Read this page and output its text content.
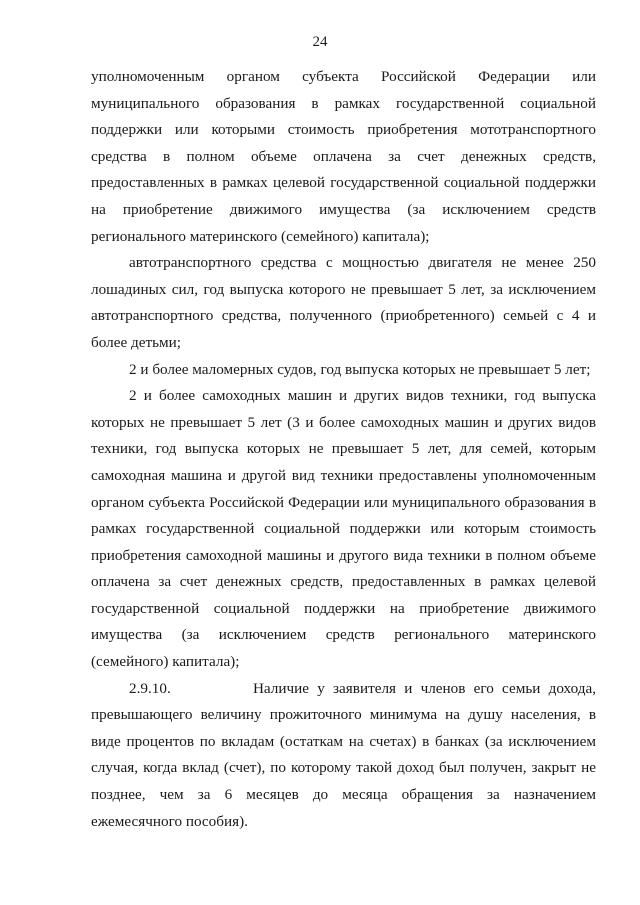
24

уполномоченным органом субъекта Российской Федерации или муниципального образования в рамках государственной социальной поддержки или которыми стоимость приобретения мототранспортного средства в полном объеме оплачена за счет денежных средств, предоставленных в рамках целевой государственной социальной поддержки на приобретение движимого имущества (за исключением средств регионального материнского (семейного) капитала);

автотранспортного средства с мощностью двигателя не менее 250 лошадиных сил, год выпуска которого не превышает 5 лет, за исключением автотранспортного средства, полученного (приобретенного) семьей с 4 и более детьми;

2 и более маломерных судов, год выпуска которых не превышает 5 лет;

2 и более самоходных машин и других видов техники, год выпуска которых не превышает 5 лет (3 и более самоходных машин и других видов техники, год выпуска которых не превышает 5 лет, для семей, которым самоходная машина и другой вид техники предоставлены уполномоченным органом субъекта Российской Федерации или муниципального образования в рамках государственной социальной поддержки или которым стоимость приобретения самоходной машины и другого вида техники в полном объеме оплачена за счет денежных средств, предоставленных в рамках целевой государственной социальной поддержки на приобретение движимого имущества (за исключением средств регионального материнского (семейного) капитала);

2.9.10.          Наличие у заявителя и членов его семьи дохода, превышающего величину прожиточного минимума на душу населения, в виде процентов по вкладам (остаткам на счетах) в банках (за исключением случая, когда вклад (счет), по которому такой доход был получен, закрыт не позднее, чем за 6 месяцев до месяца обращения за назначением ежемесячного пособия).
